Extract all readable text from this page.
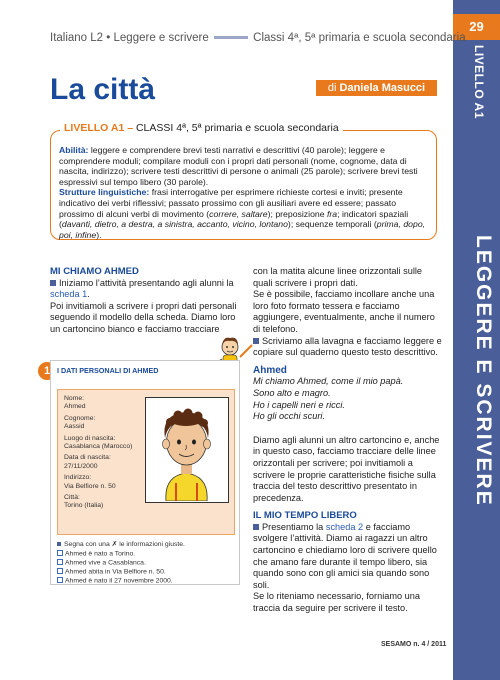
29
LIVELLO A1
LEGGERE E SCRIVERE
Italiano L2 • Leggere e scrivere	Classi 4ª, 5ª primaria e scuola secondaria
La città	di Daniela Masucci

Abilità: leggere e comprendere brevi testi narrativi e descrittivi (40 parole); leggere e comprendere moduli; compilare moduli con i propri dati personali (nome, cognome, data di nascita, indirizzo); scrivere testi descrittivi di persone o animali (25 parole); scrivere brevi testi espressivi sul tempo libero (30 parole).

Strutture linguistiche: frasi interrogative per esprimere richieste cortesi e inviti; presente indicativo dei verbi riflessivi; passato prossimo con gli ausiliari avere ed essere; passato prossimo di alcuni verbi di movimento (correre, saltare); preposizione fra; indicatori spaziali (davanti, dietro, a destra, a sinistra, accanto, vicino, lontano); sequenze temporali (prima, dopo, poi, infine).

LIVELLO A1 – CLASSI 4ª, 5ª primaria e scuola secondaria
MI CHIAMO AHMED
Iniziamo l’attività presentando agli alunni la scheda 1.
Poi invitiamoli a scrivere i propri dati personali seguendo il modello della scheda. Diamo loro un cartoncino bianco e facciamo tracciare
1 I DATI PERSONALI DI AHMED
Nome:
Ahmed
Cognome:
Aassid
Luogo di nascita:
Casablanca (Marocco)
Data di nascita:
27/11/2000
Indirizzo:
Via Belfiore n. 50
Città:
Torino (Italia)
Segna con una ✗ le informazioni giuste.
Ahmed è nato a Torino.
Ahmed vive a Casablanca.
Ahmed abita in Via Belfiore n. 50.
Ahmed è nato il 27 novembre 2000.
con la matita alcune linee orizzontali sulle quali scrivere i propri dati.
Se è possibile, facciamo incollare anche una loro foto formato tessera e facciamo aggiungere, eventualmente, anche il numero di telefono.
Scriviamo alla lavagna e facciamo leggere e copiare sul quaderno questo testo descrittivo.
Ahmed
Mi chiamo Ahmed, come il mio papà.
Sono alto e magro.
Ho i capelli neri e ricci.
Ho gli occhi scuri.
Diamo agli alunni un altro cartoncino e, anche in questo caso, facciamo tracciare delle linee orizzontali per scrivere; poi invitiamoli a scrivere le proprie caratteristiche fisiche sulla traccia del testo descrittivo presentato in precedenza.
IL MIO TEMPO LIBERO
Presentiamo la scheda 2 e facciamo svolgere l’attività. Diamo ai ragazzi un altro cartoncino e chiediamo loro di scrivere quello che amano fare durante il tempo libero, sia quando sono con gli amici sia quando sono soli.
Se lo riteniamo necessario, forniamo una traccia da seguire per scrivere il testo.
SESAMO n. 4 / 2011
